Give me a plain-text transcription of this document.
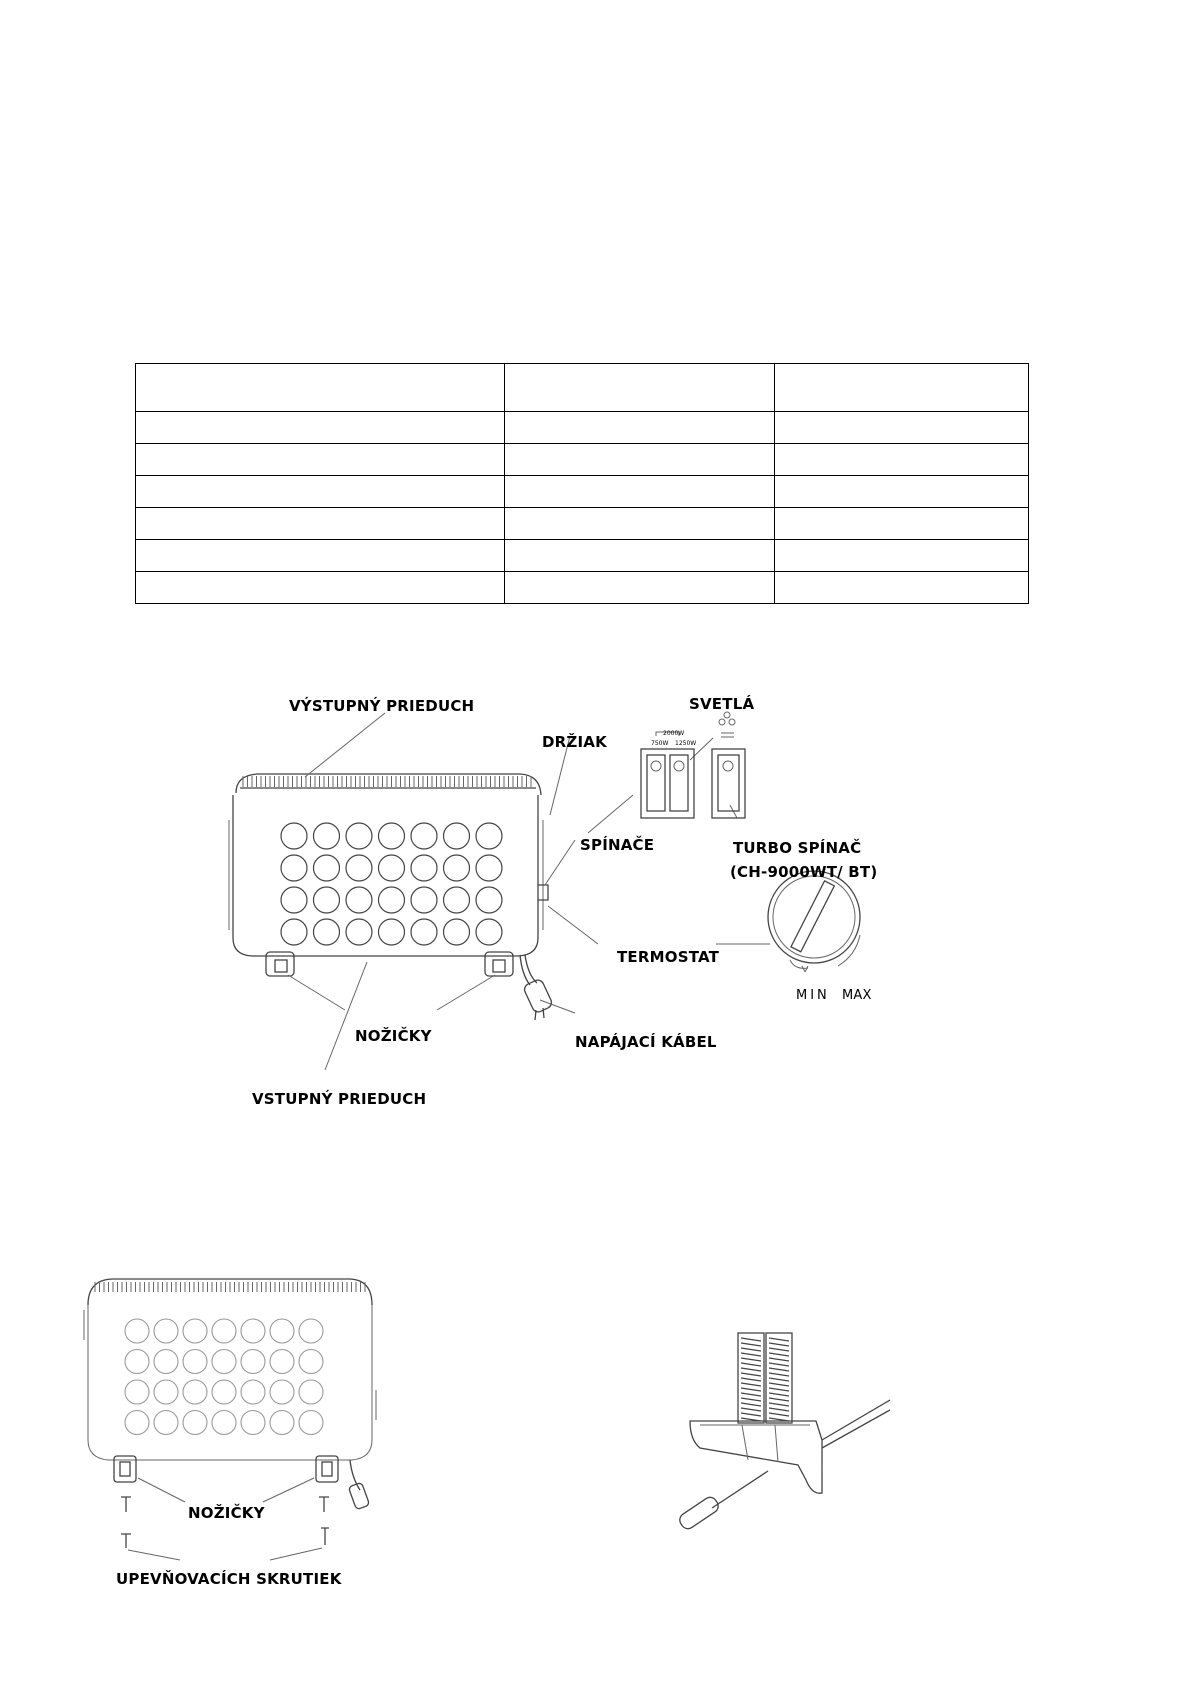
VÝSTUPNÝ PRIEDUCH
DRŽIAK
SVETLÁ
SPÍNAČE	TURBO SPÍNAČ
(CH-9000WT/ BT)
TERMOSTAT
NOŽIČKY	NAPÁJACÍ KÁBEL
VSTUPNÝ PRIEDUCH
MIN MAX
2000W
750W 1250W
NOŽIČKY
UPEVŇOVACÍCH SKRUTIEK
